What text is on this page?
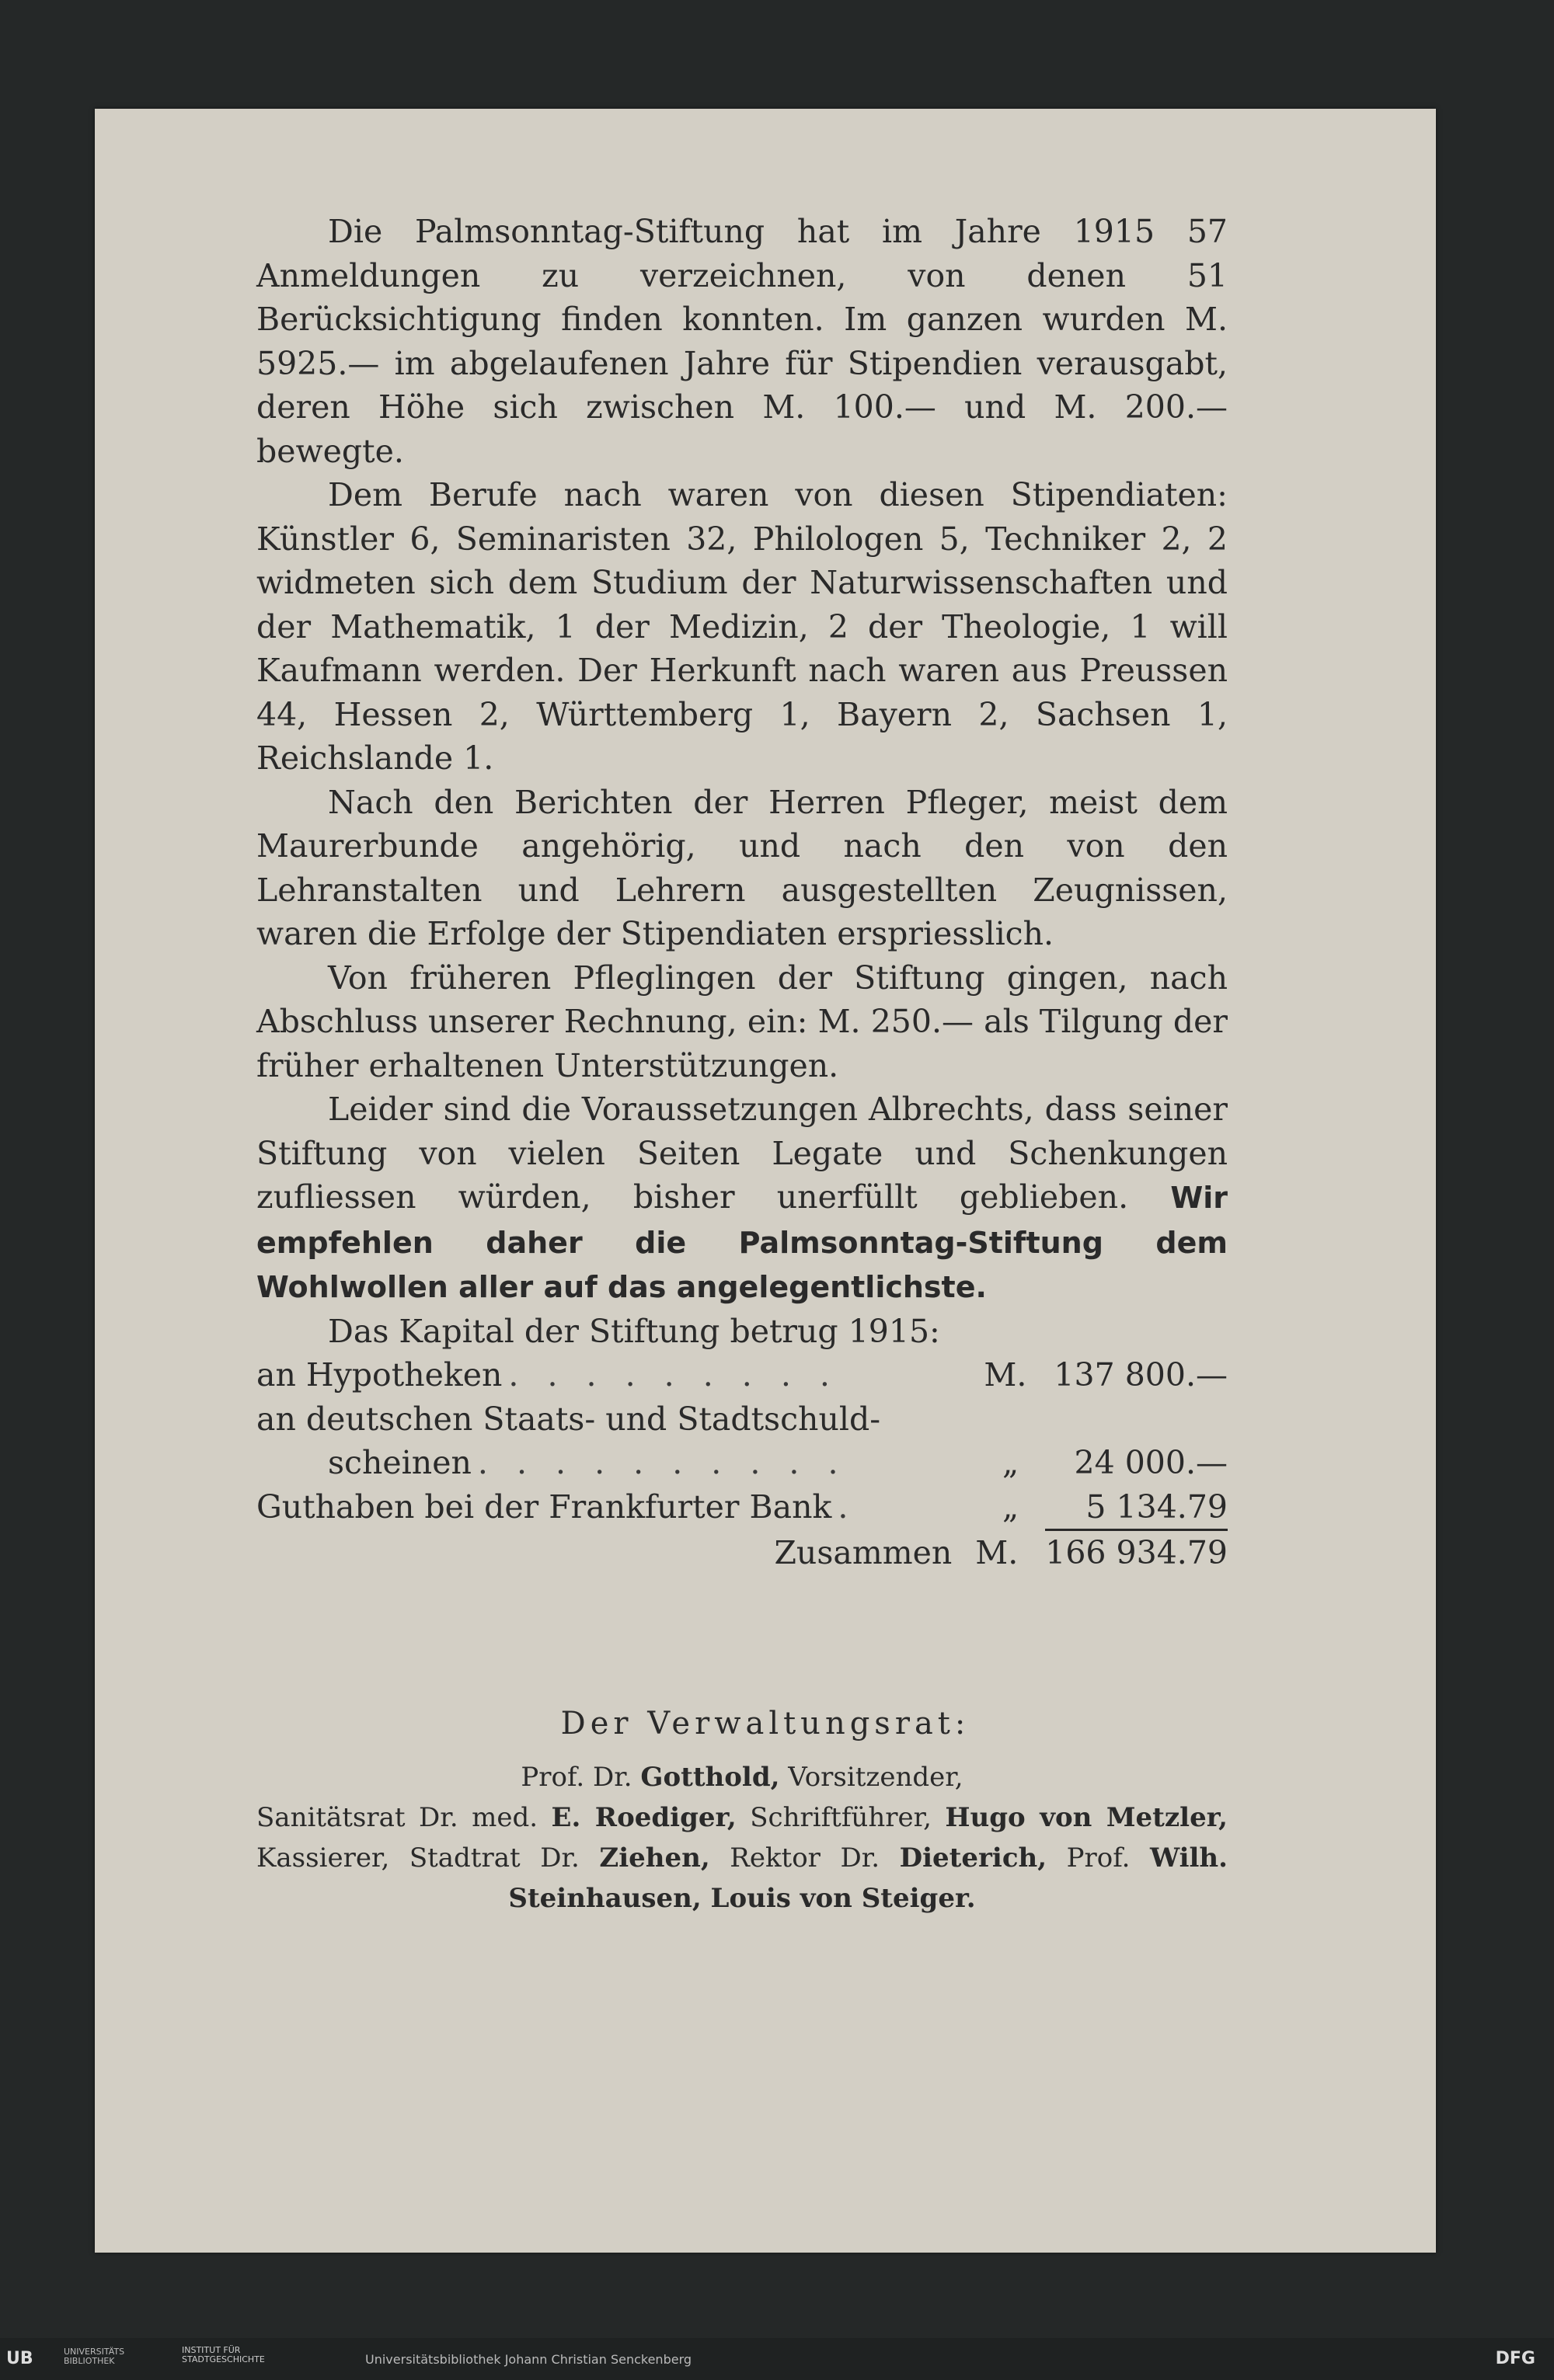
Die Palmsonntag-Stiftung hat im Jahre 1915 57 Anmeldungen zu verzeichnen, von denen 51 Berücksichtigung finden konnten. Im ganzen wurden M. 5925.— im abgelaufenen Jahre für Stipendien verausgabt, deren Höhe sich zwischen M. 100.— und M. 200.— bewegte.

Dem Berufe nach waren von diesen Stipendiaten: Künstler 6, Seminaristen 32, Philologen 5, Techniker 2, 2 widmeten sich dem Studium der Naturwissenschaften und der Mathematik, 1 der Medizin, 2 der Theologie, 1 will Kaufmann werden. Der Herkunft nach waren aus Preussen 44, Hessen 2, Württemberg 1, Bayern 2, Sachsen 1, Reichslande 1.

Nach den Berichten der Herren Pfleger, meist dem Maurerbunde angehörig, und nach den von den Lehranstalten und Lehrern ausgestellten Zeugnissen, waren die Erfolge der Stipendiaten erspriesslich.

Von früheren Pfleglingen der Stiftung gingen, nach Abschluss unserer Rechnung, ein: M. 250.— als Tilgung der früher erhaltenen Unterstützungen.

Leider sind die Voraussetzungen Albrechts, dass seiner Stiftung von vielen Seiten Legate und Schenkungen zufliessen würden, bisher unerfüllt geblieben. Wir empfehlen daher die Palmsonntag-Stiftung dem Wohlwollen aller auf das angelegentlichste.

Das Kapital der Stiftung betrug 1915:

an Hypotheken . . . . . . . . .	M. 137 800.—
an deutschen Staats- und Stadtschuld-
scheinen . . . . . . . . . .	„	24 000.—
Guthaben bei der Frankfurter Bank .	„	5 134.79
Zusammen M. 166 934.79
Der Verwaltungsrat:

Prof. Dr. Gotthold, Vorsitzender,

Sanitätsrat Dr. med. E. Roediger, Schriftführer, Hugo von Metzler,

Kassierer, Stadtrat Dr. Ziehen, Rektor Dr. Dieterich, Prof. Wilh.

Steinhausen, Louis von Steiger.

UB	UNIVERSITÄTS BIBLIOTHEK
INSTITUT FÜR STADTGESCHICHTE	Universitätsbibliothek Johann Christian Senckenberg	DFG
